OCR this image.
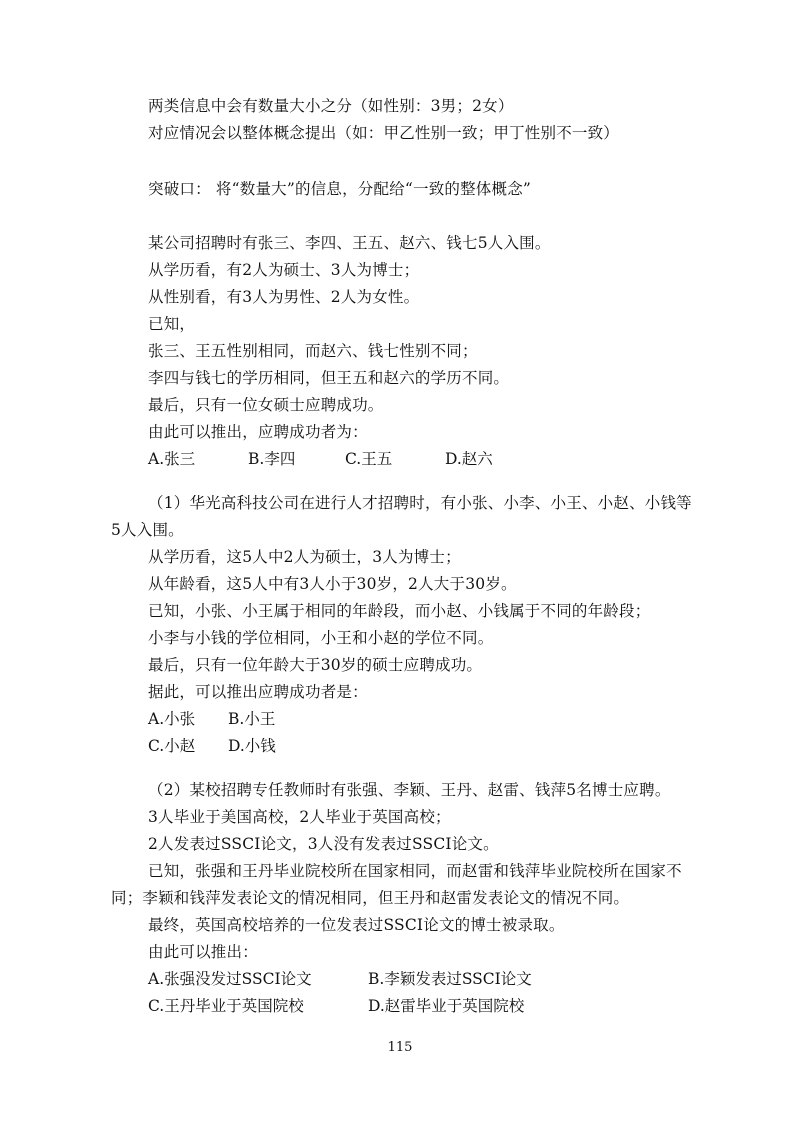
两类信息中会有数量大小之分（如性别：3男；2女）
对应情况会以整体概念提出（如：甲乙性别一致；甲丁性别不一致）
突破口： 将“数量大”的信息，分配给“一致的整体概念”
某公司招聘时有张三、李四、王五、赵六、钱七5人入围。
从学历看，有2人为硕士、3人为博士；
从性别看，有3人为男性、2人为女性。
已知，
张三、王五性别相同，而赵六、钱七性别不同；
李四与钱七的学历相同，但王五和赵六的学历不同。
最后，只有一位女硕士应聘成功。
由此可以推出，应聘成功者为：
A.张三	B.李四	C.王五	D.赵六
（1）华光高科技公司在进行人才招聘时，有小张、小李、小王、小赵、小钱等
5人入围。
从学历看，这5人中2人为硕士，3人为博士；
从年龄看，这5人中有3人小于30岁，2人大于30岁。
已知，小张、小王属于相同的年龄段，而小赵、小钱属于不同的年龄段；
小李与小钱的学位相同，小王和小赵的学位不同。
最后，只有一位年龄大于30岁的硕士应聘成功。
据此，可以推出应聘成功者是：
A.小张 B.小王
C.小赵 D.小钱
（2）某校招聘专任教师时有张强、李颖、王丹、赵雷、钱萍5名博士应聘。
3人毕业于美国高校，2人毕业于英国高校；
2人发表过SSCI论文，3人没有发表过SSCI论文。
已知，张强和王丹毕业院校所在国家相同，而赵雷和钱萍毕业院校所在国家不
同；李颖和钱萍发表论文的情况相同，但王丹和赵雷发表论文的情况不同。
最终，英国高校培养的一位发表过SSCI论文的博士被录取。
由此可以推出：
A.张强没发过SSCI论文	B.李颖发表过SSCI论文
C.王丹毕业于英国院校	D.赵雷毕业于英国院校
115
